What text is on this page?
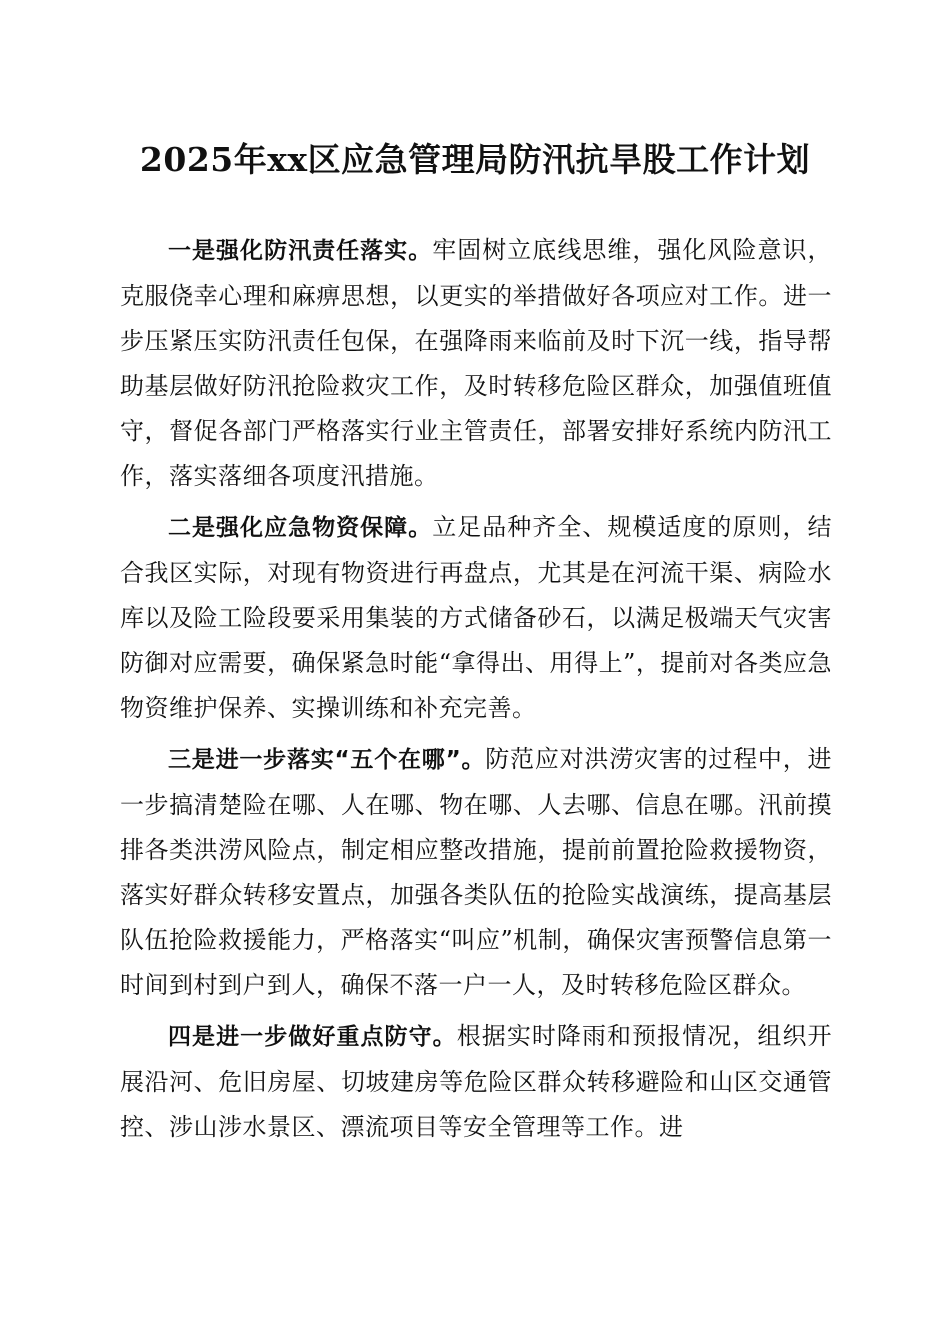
2025年xx区应急管理局防汛抗旱股工作计划

一是强化防汛责任落实。牢固树立底线思维，强化风险意识，克服侥幸心理和麻痹思想，以更实的举措做好各项应对工作。进一步压紧压实防汛责任包保，在强降雨来临前及时下沉一线，指导帮助基层做好防汛抢险救灾工作，及时转移危险区群众，加强值班值守，督促各部门严格落实行业主管责任，部署安排好系统内防汛工作，落实落细各项度汛措施。

二是强化应急物资保障。立足品种齐全、规模适度的原则，结合我区实际，对现有物资进行再盘点，尤其是在河流干渠、病险水库以及险工险段要采用集装的方式储备砂石，以满足极端天气灾害防御对应需要，确保紧急时能“拿得出、用得上”，提前对各类应急物资维护保养、实操训练和补充完善。

三是进一步落实“五个在哪”。防范应对洪涝灾害的过程中，进一步搞清楚险在哪、人在哪、物在哪、人去哪、信息在哪。汛前摸排各类洪涝风险点，制定相应整改措施，提前前置抢险救援物资，落实好群众转移安置点，加强各类队伍的抢险实战演练，提高基层队伍抢险救援能力，严格落实“叫应”机制，确保灾害预警信息第一时间到村到户到人，确保不落一户一人，及时转移危险区群众。

四是进一步做好重点防守。根据实时降雨和预报情况，组织开展沿河、危旧房屋、切坡建房等危险区群众转移避险和山区交通管控、涉山涉水景区、漂流项目等安全管理等工作。进
